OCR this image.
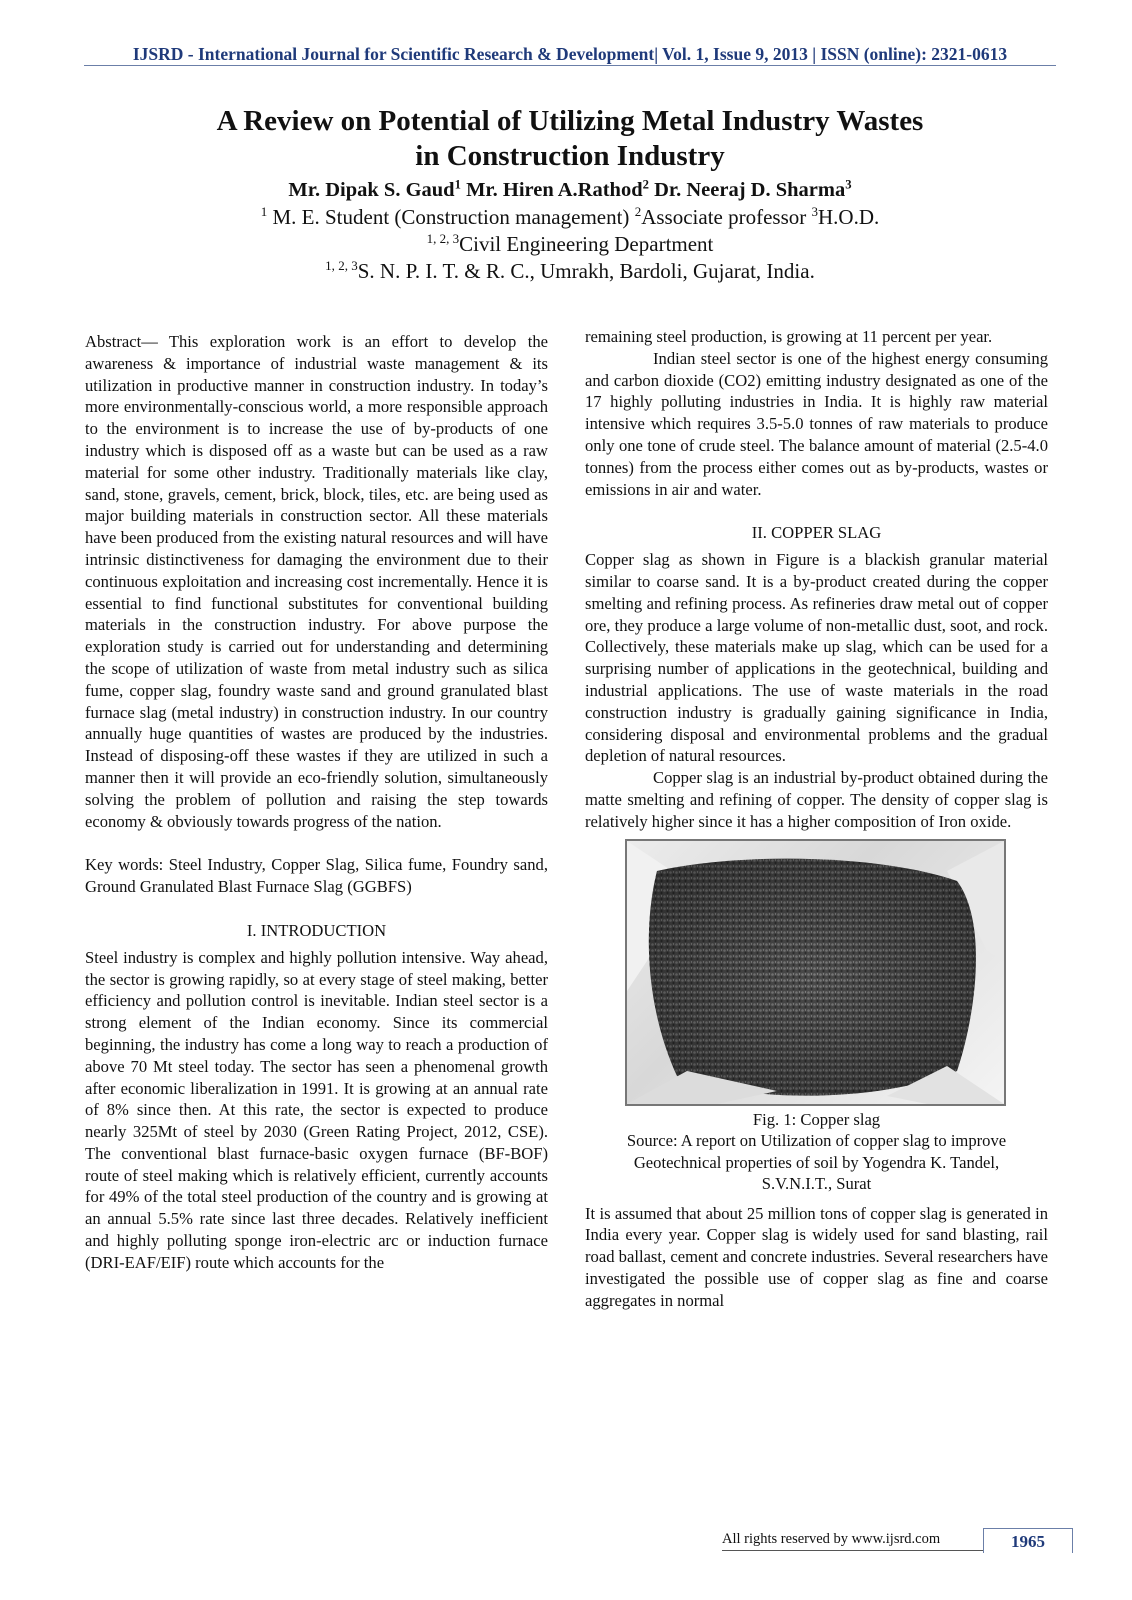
IJSRD - International Journal for Scientific Research & Development| Vol. 1, Issue 9, 2013 | ISSN (online): 2321-0613
A Review on Potential of Utilizing Metal Industry Wastes
in Construction Industry
Mr. Dipak S. Gaud$^1$ Mr. Hiren A.Rathod$^2$ Dr. Neeraj D. Sharma$^3$
$^1$ M. E. Student (Construction management) $^2$Associate professor $^3$H.O.D.
$^{1, 2, 3}$Civil Engineering Department
$^{1, 2, 3}$S. N. P. I. T. & R. C., Umrakh, Bardoli, Gujarat, India.

Abstract— This exploration work is an effort to develop the awareness & importance of industrial waste management & its utilization in productive manner in construction industry. In today’s more environmentally-conscious world, a more responsible approach to the environment is to increase the use of by-products of one industry which is disposed off as a waste but can be used as a raw material for some other industry. Traditionally materials like clay, sand, stone, gravels, cement, brick, block, tiles, etc. are being used as major building materials in construction sector. All these materials have been produced from the existing natural resources and will have intrinsic distinctiveness for damaging the environment due to their continuous exploitation and increasing cost incrementally. Hence it is essential to find functional substitutes for conventional building materials in the construction industry. For above purpose the exploration study is carried out for understanding and determining the scope of utilization of waste from metal industry such as silica fume, copper slag, foundry waste sand and ground granulated blast furnace slag (metal industry) in construction industry. In our country annually huge quantities of wastes are produced by the industries. Instead of disposing-off these wastes if they are utilized in such a manner then it will provide an eco-friendly solution, simultaneously solving the problem of pollution and raising the step towards economy & obviously towards progress of the nation.

Key words: Steel Industry, Copper Slag, Silica fume, Foundry sand, Ground Granulated Blast Furnace Slag (GGBFS)

I. INTRODUCTION

Steel industry is complex and highly pollution intensive. Way ahead, the sector is growing rapidly, so at every stage of steel making, better efficiency and pollution control is inevitable. Indian steel sector is a strong element of the Indian economy. Since its commercial beginning, the industry has come a long way to reach a production of above 70 Mt steel today. The sector has seen a phenomenal growth after economic liberalization in 1991. It is growing at an annual rate of 8% since then. At this rate, the sector is expected to produce nearly 325Mt of steel by 2030 (Green Rating Project, 2012, CSE). The conventional blast furnace-basic oxygen furnace (BF-BOF) route of steel making which is relatively efficient, currently accounts for 49% of the total steel production of the country and is growing at an annual 5.5% rate since last three decades. Relatively inefficient and highly polluting sponge iron-electric arc or induction furnace (DRI-EAF/EIF) route which accounts for the

remaining steel production, is growing at 11 percent per year.

Indian steel sector is one of the highest energy consuming and carbon dioxide (CO2) emitting industry designated as one of the 17 highly polluting industries in India. It is highly raw material intensive which requires 3.5-5.0 tonnes of raw materials to produce only one tone of crude steel. The balance amount of material (2.5-4.0 tonnes) from the process either comes out as by-products, wastes or emissions in air and water.

II. COPPER SLAG

Copper slag as shown in Figure is a blackish granular material similar to coarse sand. It is a by-product created during the copper smelting and refining process. As refineries draw metal out of copper ore, they produce a large volume of non-metallic dust, soot, and rock. Collectively, these materials make up slag, which can be used for a surprising number of applications in the geotechnical, building and industrial applications. The use of waste materials in the road construction industry is gradually gaining significance in India, considering disposal and environmental problems and the gradual depletion of natural resources.

Copper slag is an industrial by-product obtained during the matte smelting and refining of copper. The density of copper slag is relatively higher since it has a higher composition of Iron oxide.

Fig. 1: Copper slag

Source: A report on Utilization of copper slag to improve

Geotechnical properties of soil by Yogendra K. Tandel,

S.V.N.I.T., Surat

It is assumed that about 25 million tons of copper slag is generated in India every year. Copper slag is widely used for sand blasting, rail road ballast, cement and concrete industries. Several researchers have investigated the possible use of copper slag as fine and coarse aggregates in normal

All rights reserved by www.ijsrd.com	1965
